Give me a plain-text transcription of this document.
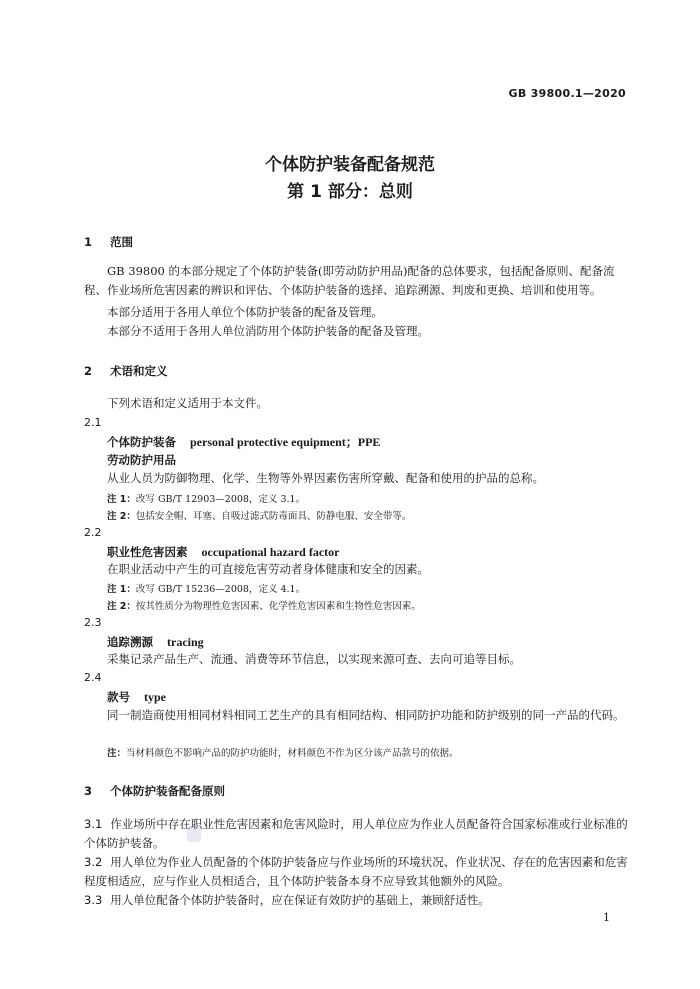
GB 39800.1—2020
个体防护装备配备规范
第 1 部分：总则
1 范围
GB 39800 的本部分规定了个体防护装备(即劳动防护用品)配备的总体要求，包括配备原则、配备流程、作业场所危害因素的辨识和评估、个体防护装备的选择、追踪溯源、判废和更换、培训和使用等。
本部分适用于各用人单位个体防护装备的配备及管理。
本部分不适用于各用人单位消防用个体防护装备的配备及管理。
2 术语和定义
下列术语和定义适用于本文件。
2.1
个体防护装备 personal protective equipment；PPE
劳动防护用品
从业人员为防御物理、化学、生物等外界因素伤害所穿戴、配备和使用的护品的总称。
注 1：改写 GB/T 12903—2008，定义 3.1。
注 2：包括安全帽、耳塞、自吸过滤式防毒面具、防静电服、安全带等。
2.2
职业性危害因素 occupational hazard factor
在职业活动中产生的可直接危害劳动者身体健康和安全的因素。
注 1：改写 GB/T 15236—2008，定义 4.1。
注 2：按其性质分为物理性危害因素、化学性危害因素和生物性危害因素。
2.3
追踪溯源 tracing
采集记录产品生产、流通、消费等环节信息，以实现来源可查、去向可追等目标。
2.4
款号 type
同一制造商使用相同材料相同工艺生产的具有相同结构、相同防护功能和防护级别的同一产品的代码。
注：当材料颜色不影响产品的防护功能时，材料颜色不作为区分该产品款号的依据。
3 个体防护装备配备原则
3.1 作业场所中存在职业性危害因素和危害风险时，用人单位应为作业人员配备符合国家标准或行业标准的个体防护装备。
3.2 用人单位为作业人员配备的个体防护装备应与作业场所的环境状况、作业状况、存在的危害因素和危害程度相适应，应与作业人员相适合，且个体防护装备本身不应导致其他额外的风险。
3.3 用人单位配备个体防护装备时，应在保证有效防护的基础上，兼顾舒适性。
1
